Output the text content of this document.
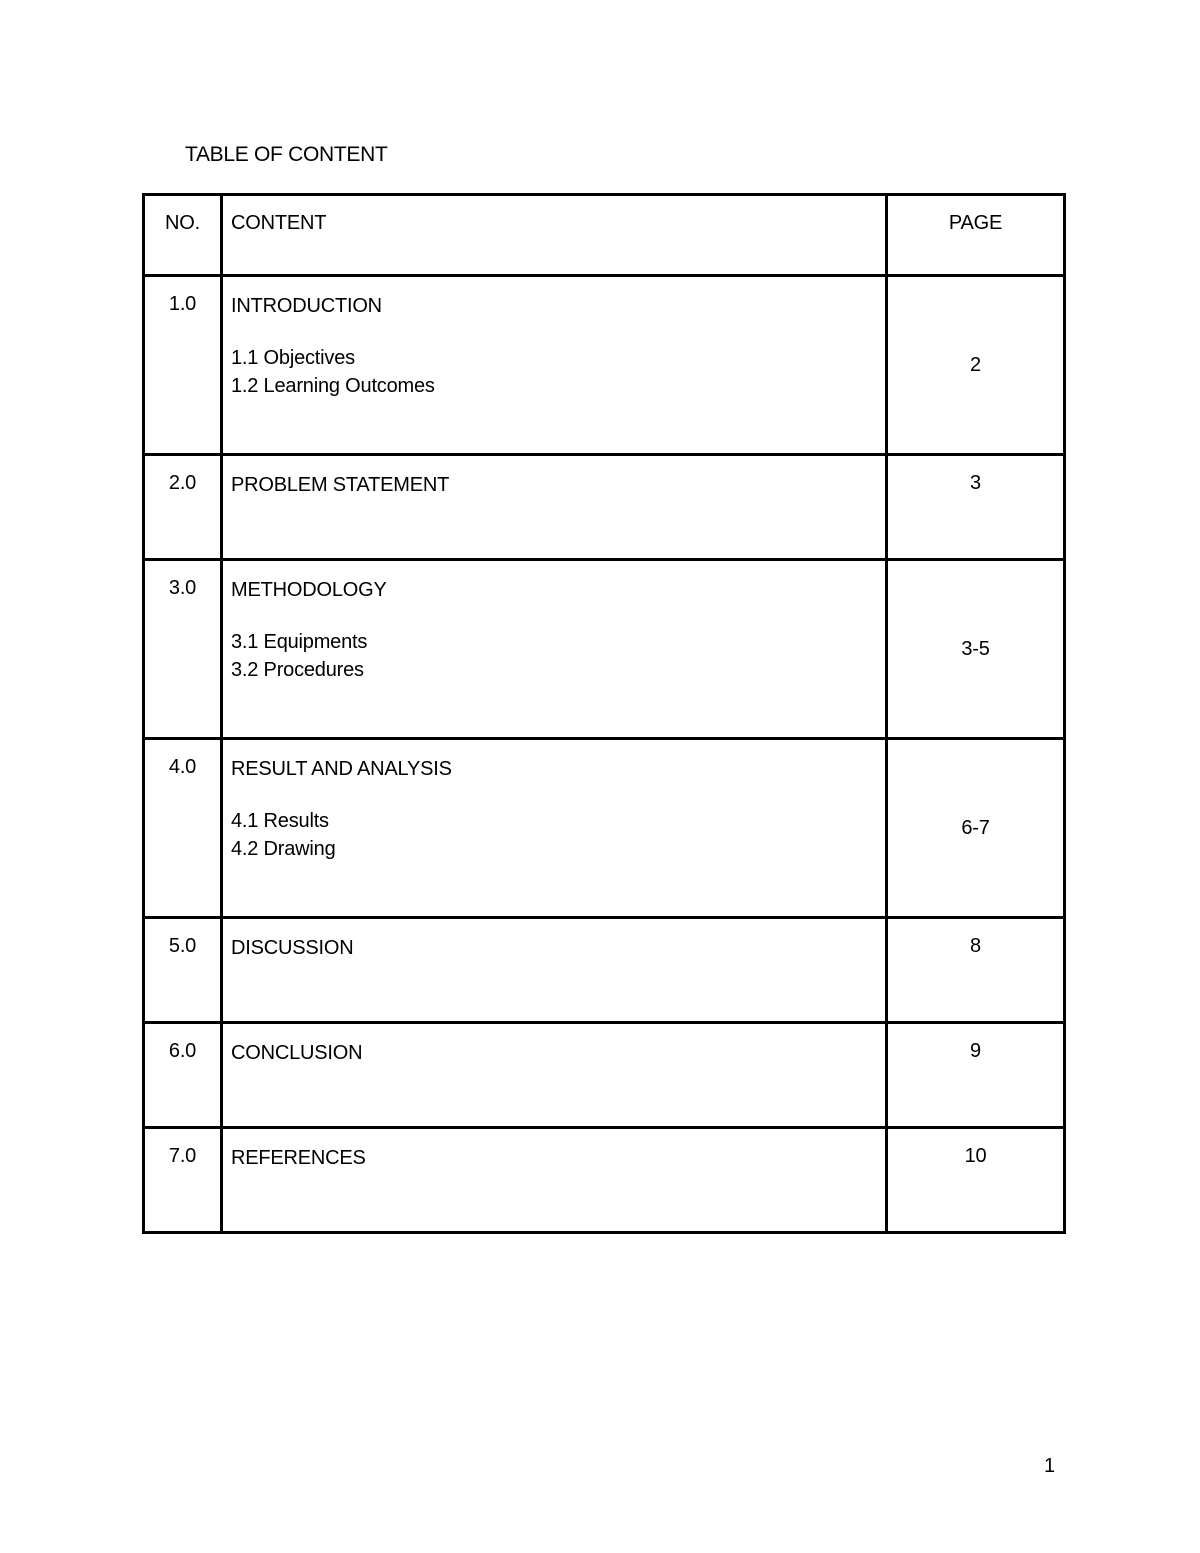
TABLE OF CONTENT
NO.	CONTENT	PAGE
1.0	INTRODUCTION
1.1 Objectives
1.2 Learning Outcomes	2
2.0	PROBLEM STATEMENT	3
3.0	METHODOLOGY
3.1 Equipments
3.2 Procedures	3-5
4.0	RESULT AND ANALYSIS
4.1 Results
4.2 Drawing	6-7
5.0	DISCUSSION	8
6.0	CONCLUSION	9
7.0	REFERENCES	10
1
